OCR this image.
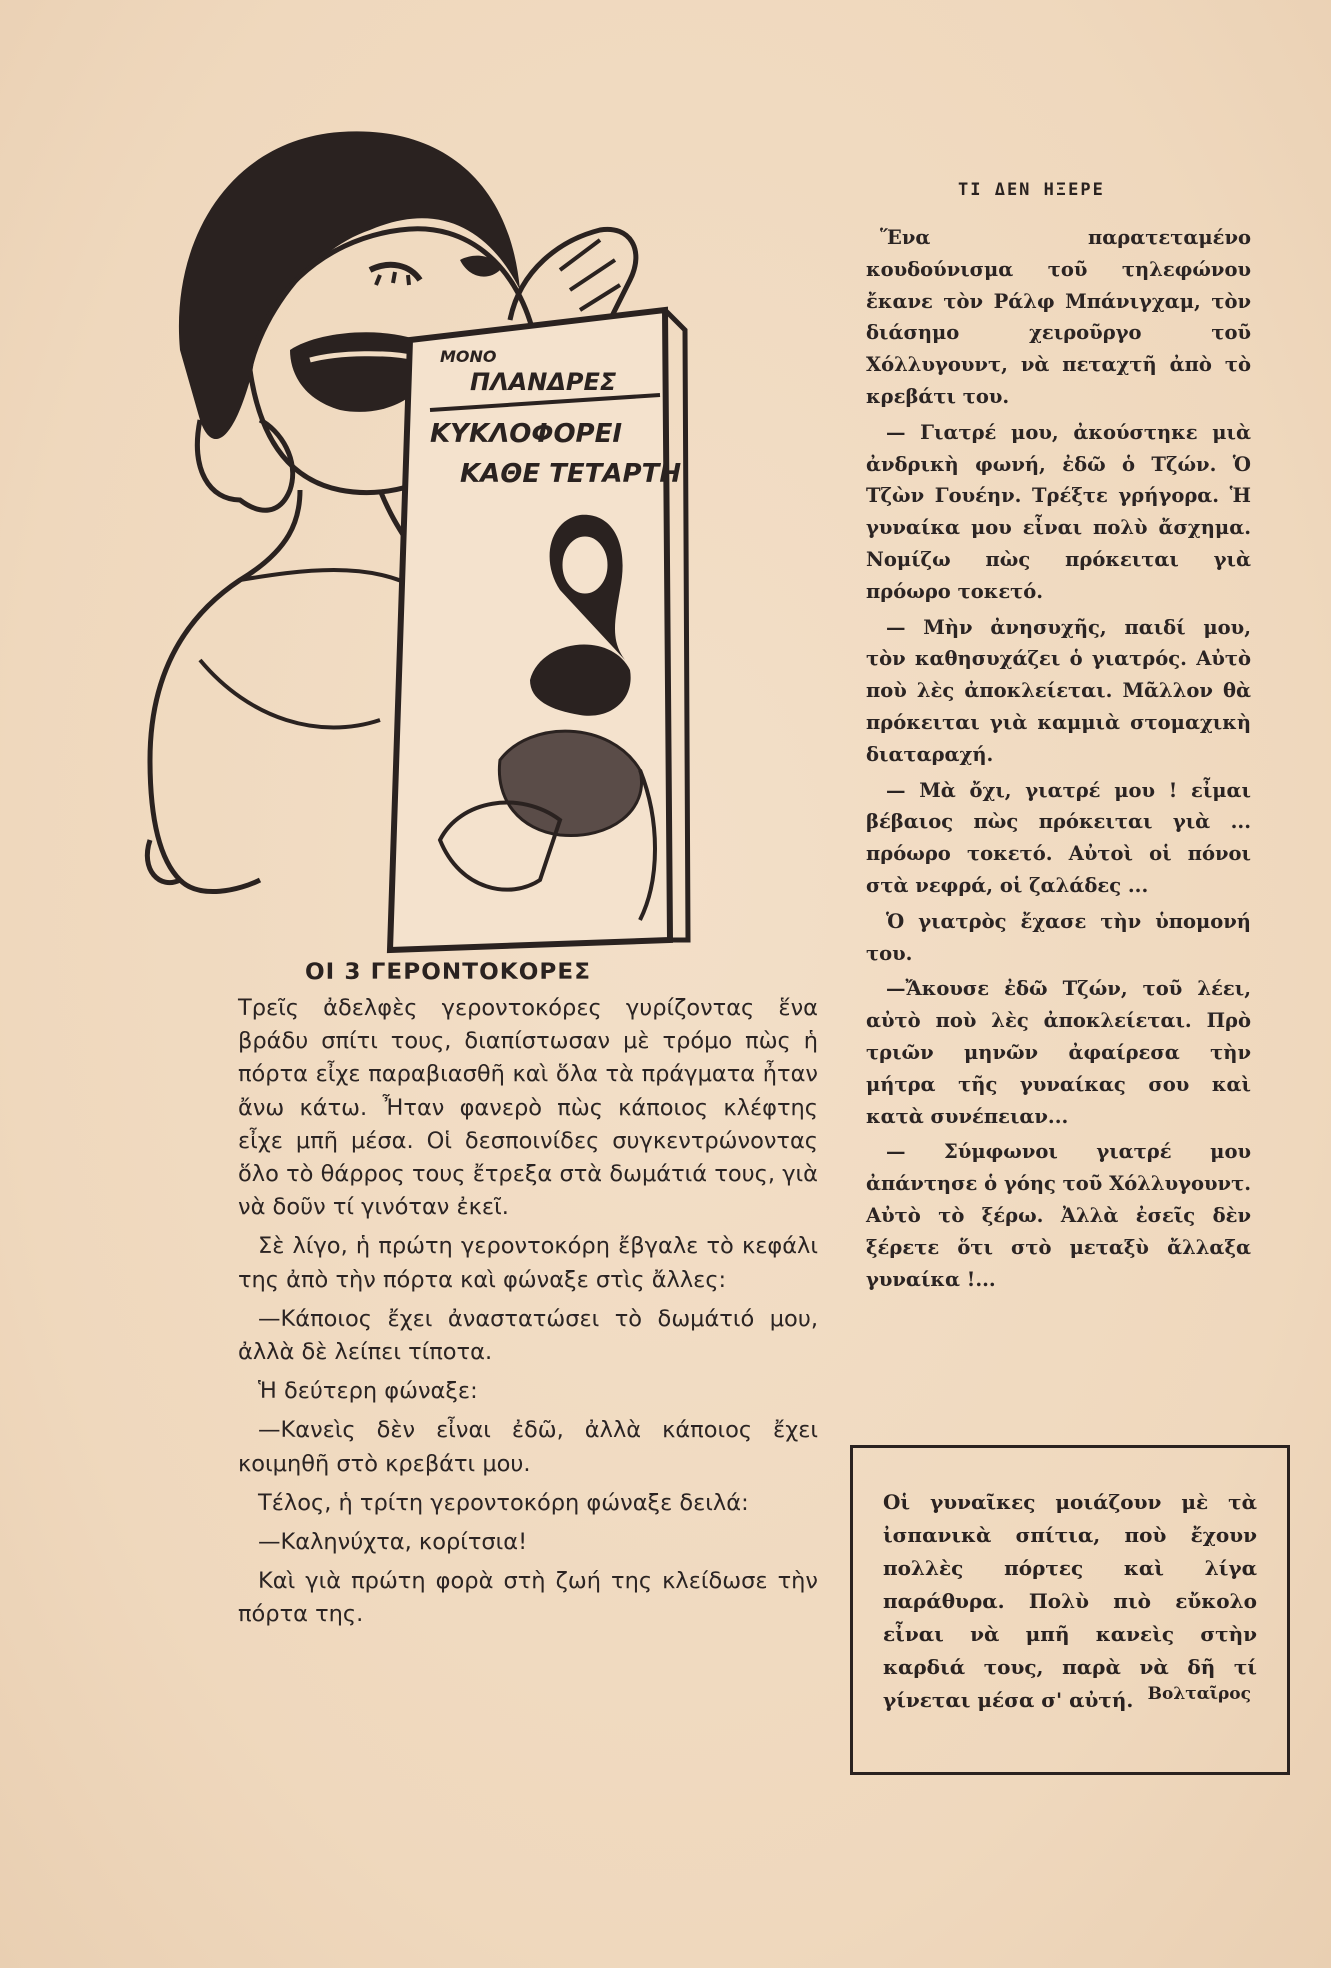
ΜΟΝΟ
ΠΛΑΝΔΡΕΣ
ΚΥΚΛΟΦΟΡΕΙ
ΚΑΘΕ ΤΕΤΑΡΤΗ
ΟΙ 3 ΓΕΡΟΝΤΟΚΟΡΕΣ

Τρεῖς ἀδελφὲς γεροντοκόρες γυρίζοντας ἕνα βράδυ σπίτι τους, διαπίστωσαν μὲ τρόμο πὼς ἡ πόρτα εἶχε παραβιασθῆ καὶ ὅλα τὰ πράγματα ἦταν ἄνω κάτω. Ἦταν φανερὸ πὼς κάποιος κλέφτης εἶχε μπῆ μέσα. Οἱ δεσποινίδες συγκεντρώνοντας ὅλο τὸ θάρρος τους ἔτρεξα στὰ δωμάτιά τους, γιὰ νὰ δοῦν τί γινόταν ἐκεῖ.

Σὲ λίγο, ἡ πρώτη γεροντοκόρη ἔβγαλε τὸ κεφάλι της ἀπὸ τὴν πόρτα καὶ φώναξε στὶς ἄλλες:

—Κάποιος ἔχει ἀναστατώσει τὸ δωμάτιό μου, ἀλλὰ δὲ λείπει τίποτα.

Ἡ δεύτερη φώναξε:

—Κανεὶς δὲν εἶναι ἐδῶ, ἀλλὰ κάποιος ἔχει κοιμηθῆ στὸ κρεβάτι μου.

Τέλος, ἡ τρίτη γεροντοκόρη φώναξε δειλά:

—Καληνύχτα, κορίτσια!

Καὶ γιὰ πρώτη φορὰ στὴ ζωή της κλείδωσε τὴν πόρτα της.

ΤΙ ΔΕΝ ΗΞΕΡΕ

Ἕνα παρατεταμένο κουδούνισμα τοῦ τηλεφώνου ἔκανε τὸν Ράλφ Μπάνιγχαμ, τὸν διάσημο χειροῦργο τοῦ Χόλλυγουντ, νὰ πεταχτῆ ἀπὸ τὸ κρεβάτι του.

— Γιατρέ μου, ἀκούστηκε μιὰ ἀνδρικὴ φωνή, ἐδῶ ὁ Τζών. Ὁ Τζὼν Γουέην. Τρέξτε γρήγορα. Ἡ γυναίκα μου εἶναι πολὺ ἄσχημα. Νομίζω πὼς πρόκειται γιὰ πρόωρο τοκετό.

— Μὴν ἀνησυχῆς, παιδί μου, τὸν καθησυχάζει ὁ γιατρός. Αὐτὸ ποὺ λὲς ἀποκλείεται. Μᾶλλον θὰ πρόκειται γιὰ καμμιὰ στομαχικὴ διαταραχή.

— Μὰ ὄχι, γιατρέ μου ! εἶμαι βέβαιος πὼς πρόκειται γιὰ ... πρόωρο τοκετό. Αὐτοὶ οἱ πόνοι στὰ νεφρά, οἱ ζαλάδες ...

Ὁ γιατρὸς ἔχασε τὴν ὑπομονή του.

—Ἄκουσε ἐδῶ Τζών, τοῦ λέει, αὐτὸ ποὺ λὲς ἀποκλείεται. Πρὸ τριῶν μηνῶν ἀφαίρεσα τὴν μήτρα τῆς γυναίκας σου καὶ κατὰ συνέπειαν...

— Σύμφωνοι γιατρέ μου ἀπάντησε ὁ γόης τοῦ Χόλλυγουντ. Αὐτὸ τὸ ξέρω. Ἀλλὰ ἐσεῖς δὲν ξέρετε ὅτι στὸ μεταξὺ ἄλλαξα γυναίκα !...

Οἱ γυναῖκες μοιάζουν μὲ τὰ ἰσπανικὰ σπίτια, ποὺ ἔχουν πολλὲς πόρτες καὶ λίγα παράθυρα. Πολὺ πιὸ εὔκολο εἶναι νὰ μπῆ κανεὶς στὴν καρδιά τους, παρὰ νὰ δῆ τί γίνεται μέσα σ' αὐτή. Βολταῖρος
